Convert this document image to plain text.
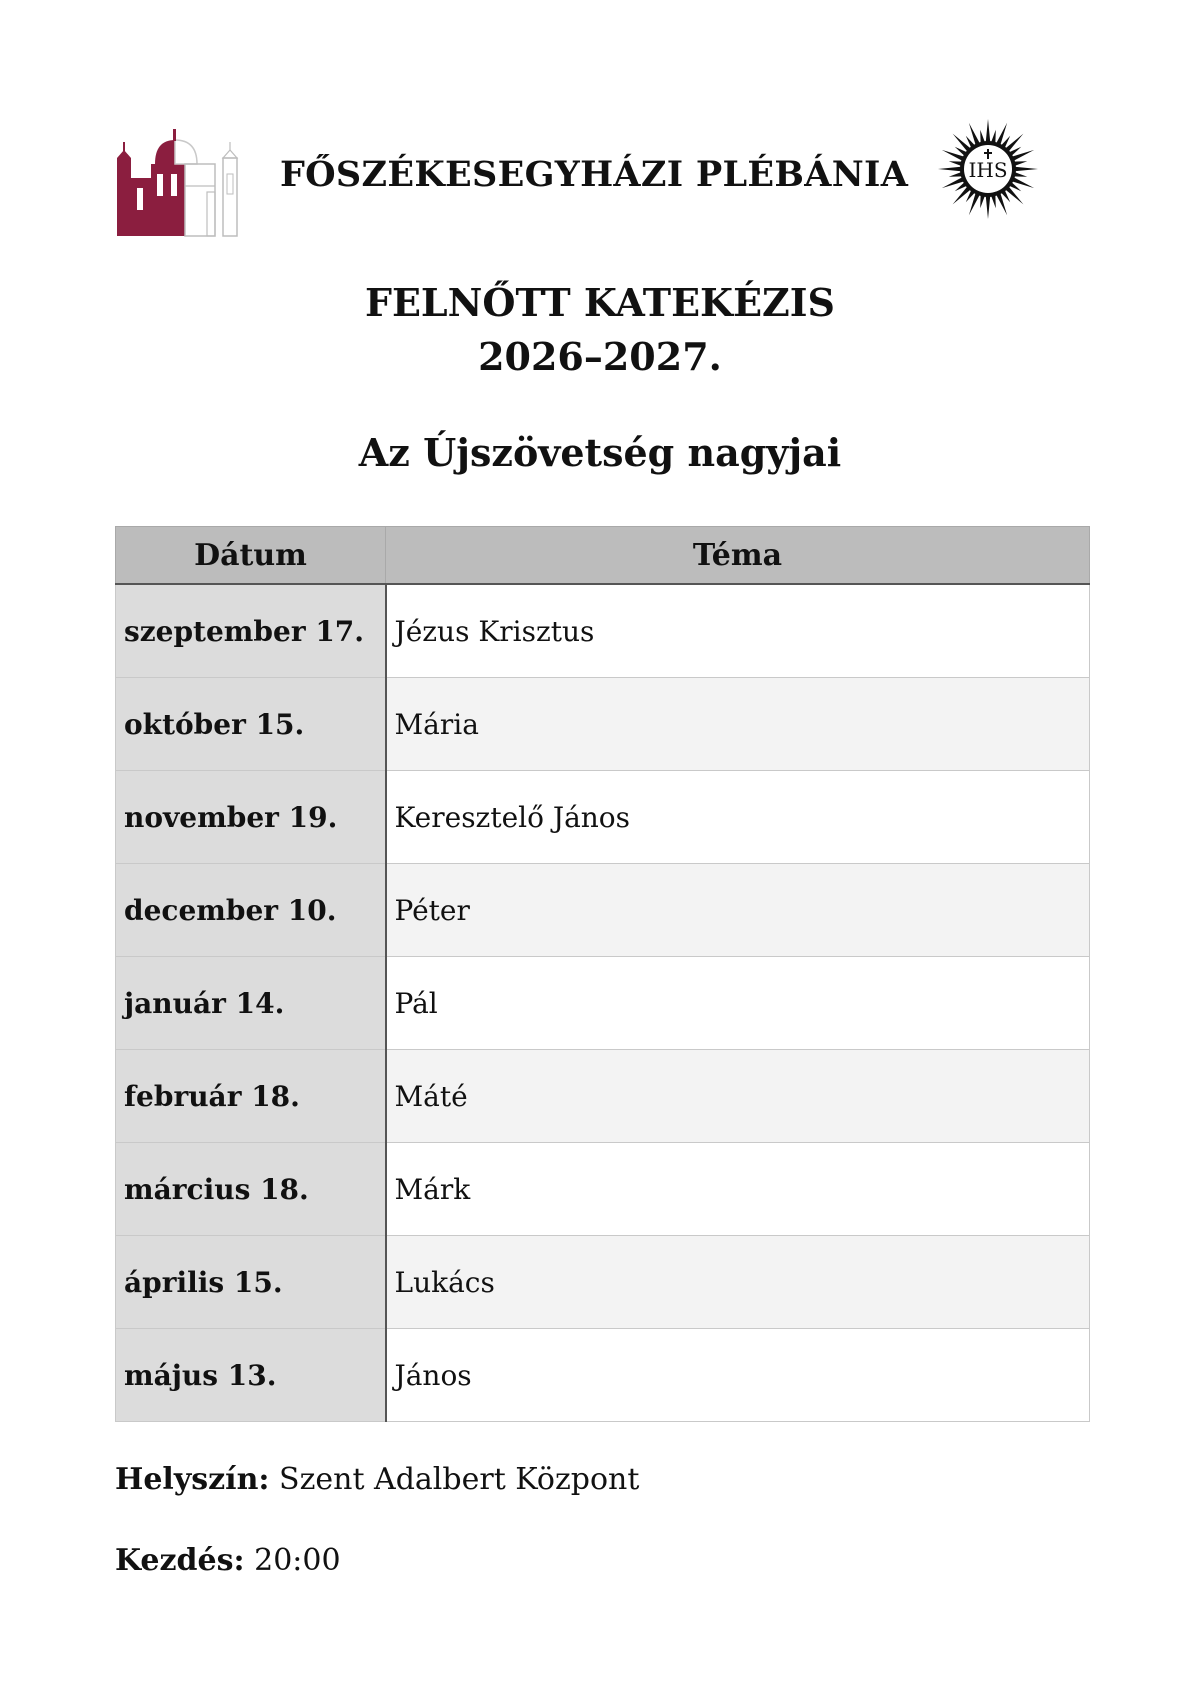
FŐSZÉKESEGYHÁZI PLÉBÁNIA	IHS
FELNŐTT KATEKÉZIS
2026–2027.
Az Újszövetség nagyjai
Dátum	Téma
szeptember 17.	Jézus Krisztus
október 15.	Mária
november 19.	Keresztelő János
december 10.	Péter
január 14.	Pál
február 18.	Máté
március 18.	Márk
április 15.	Lukács
május 13.	János
Helyszín: Szent Adalbert Központ
Kezdés: 20:00
